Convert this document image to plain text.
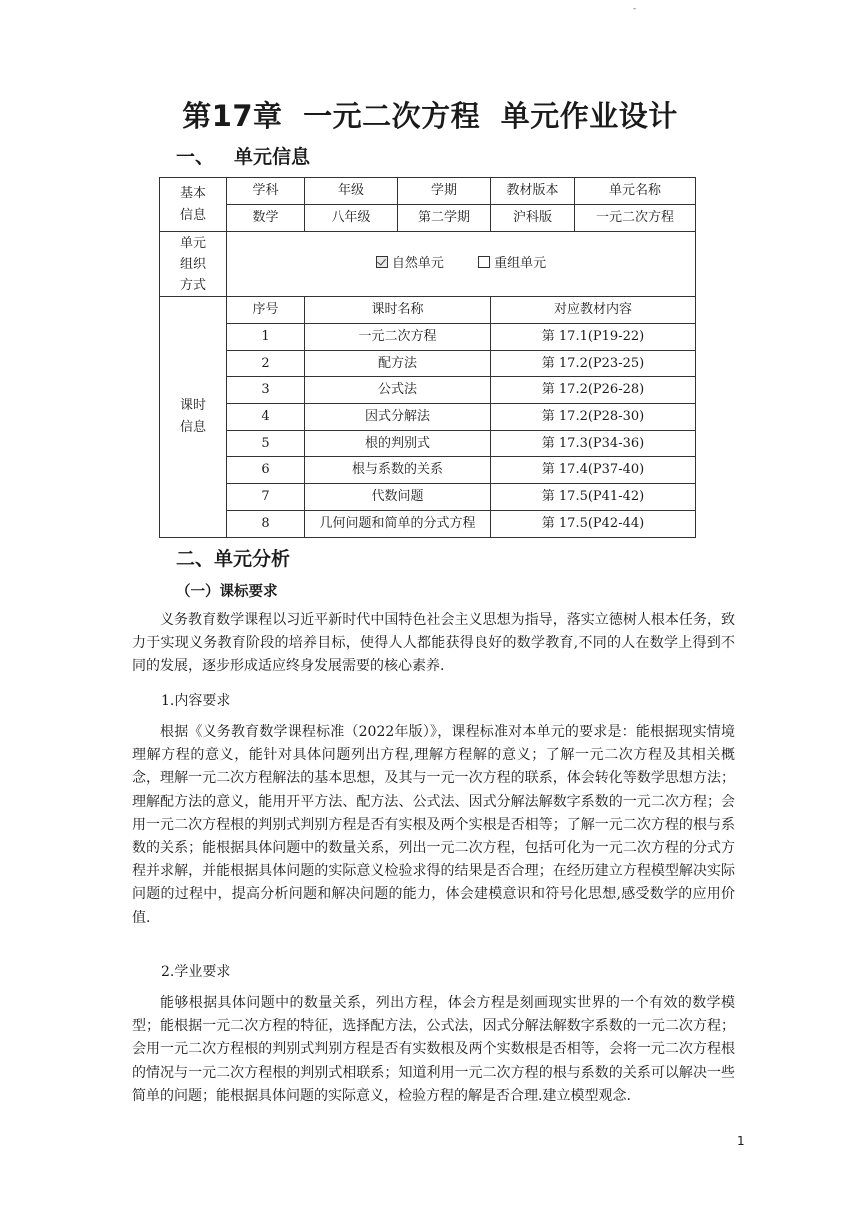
-
第17章 一元二次方程 单元作业设计
一、 单元信息
基本
信息	学科	年级	学期	教材版本	单元名称
	数学	八年级	第二学期	沪科版	一元二次方程

单元
组织
方式	自然单元 重组单元				

课时
信息	序号	课时名称		对应教材内容	
	1	一元二次方程		第 17.1(P19-22)	
	2	配方法		第 17.2(P23-25)	
	3	公式法		第 17.2(P26-28)	
	4	因式分解法		第 17.2(P28-30)	
	5	根的判别式		第 17.3(P34-36)	
	6	根与系数的关系		第 17.4(P37-40)	
	7	代数问题		第 17.5(P41-42)	
	8	几何问题和简单的分式方程		第 17.5(P42-44)	
二、单元分析
（一）课标要求

义务教育数学课程以习近平新时代中国特色社会主义思想为指导，落实立德树人根本任务，致力于实现义务教育阶段的培养目标，使得人人都能获得良好的数学教育,不同的人在数学上得到不同的发展，逐步形成适应终身发展需要的核心素养.

1.内容要求

根据《义务教育数学课程标准（2022年版）》，课程标准对本单元的要求是：能根据现实情境理解方程的意义，能针对具体问题列出方程,理解方程解的意义；了解一元二次方程及其相关概念，理解一元二次方程解法的基本思想，及其与一元一次方程的联系，体会转化等数学思想方法；理解配方法的意义，能用开平方法、配方法、公式法、因式分解法解数字系数的一元二次方程；会用一元二次方程根的判别式判别方程是否有实根及两个实根是否相等；了解一元二次方程的根与系数的关系；能根据具体问题中的数量关系，列出一元二次方程，包括可化为一元二次方程的分式方程并求解，并能根据具体问题的实际意义检验求得的结果是否合理；在经历建立方程模型解决实际问题的过程中，提高分析问题和解决问题的能力，体会建模意识和符号化思想,感受数学的应用价值.

2.学业要求

能够根据具体问题中的数量关系，列出方程，体会方程是刻画现实世界的一个有效的数学模型；能根据一元二次方程的特征，选择配方法，公式法，因式分解法解数字系数的一元二次方程；会用一元二次方程根的判别式判别方程是否有实数根及两个实数根是否相等，会将一元二次方程根的情况与一元二次方程根的判别式相联系；知道利用一元二次方程的根与系数的关系可以解决一些简单的问题；能根据具体问题的实际意义，检验方程的解是否合理.建立模型观念.

1
